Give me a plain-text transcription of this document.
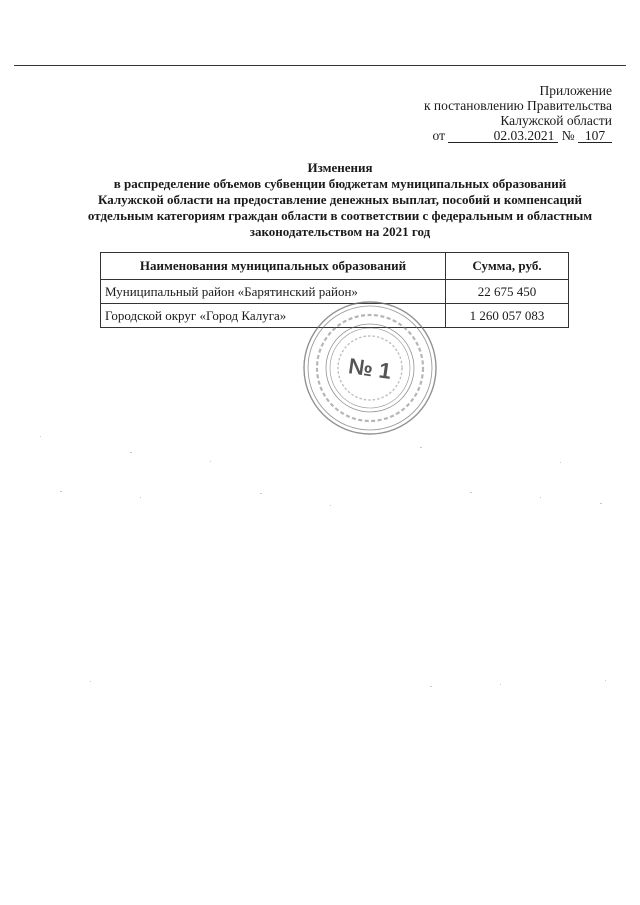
Приложение
к постановлению Правительства
Калужской области
от	02.03.2021 № 107
Изменения
в распределение объемов субвенции бюджетам муниципальных образований
Калужской области на предоставление денежных выплат, пособий и компенсаций
отдельным категориям граждан области в соответствии с федеральным и областным
законодательством на 2021 год
Наименования муниципальных образований	Сумма, руб.
Муниципальный район «Барятинский район»	22 675 450
Городской округ «Город Калуга»	1 260 057 083
№ 1
